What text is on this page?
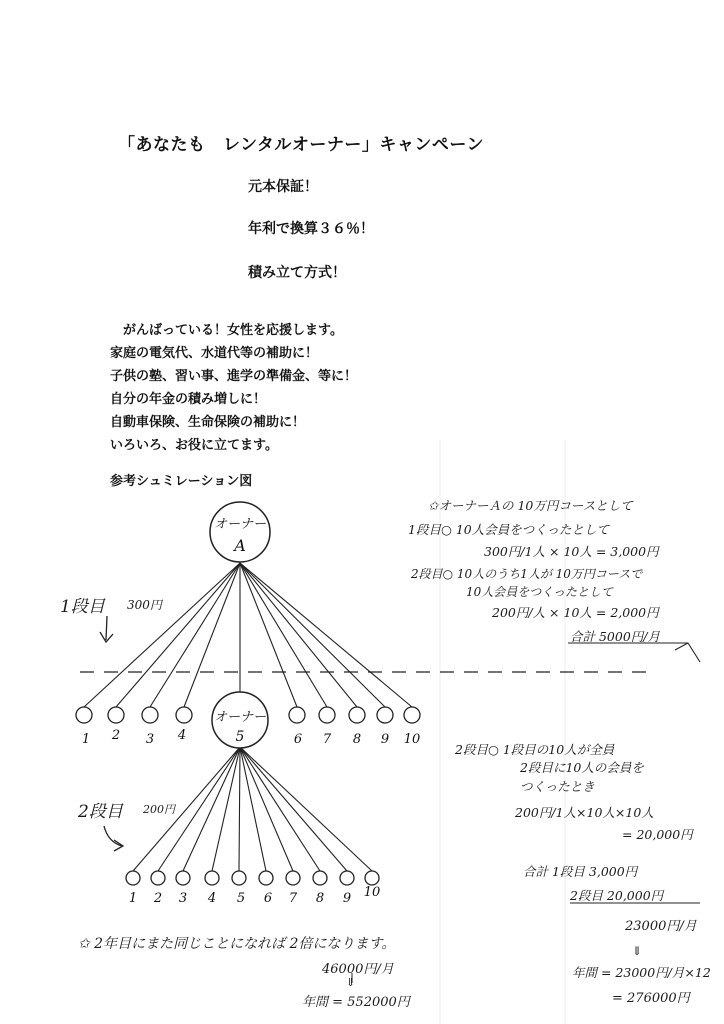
「あなたも　レンタルオーナー」キャンペーン
元本保証！
年利で換算３６％！
積み立て方式！
　がんばっている！女性を応援します。
家庭の電気代、水道代等の補助に！
子供の塾、習い事、進学の準備金、等に！
自分の年金の積み増しに！
自動車保険、生命保険の補助に！
いろいろ、お役に立てます。
参考シュミレーション図
オーナー
A
オーナー
5
1 2 3 4	6 7 8 9 10
1 2 3 4 5 6 7 8 9 10
1段目 300円
2段目 200円
✩オーナーＡの 10万円コースとして
1段目○ 10人会員をつくったとして
300円/1人 × 10人 = 3,000円
2段目○ 10人のうち1人が 10万円コースで
10人会員をつくったとして
200円/人 × 10人 = 2,000円
合計 5000円/月
2段目○ 1段目の10人が全員
2段目に10人の会員を
つくったとき
200円/1人×10人×10人
= 20,000円
合計 1段目 3,000円
2段目 20,000円
23000円/月
⇓
年間 = 23000円/月×12
= 276000円
✩ 2年目にまた同じことになれば 2倍になります。
46000円/月
⇓
年間 = 552000円
